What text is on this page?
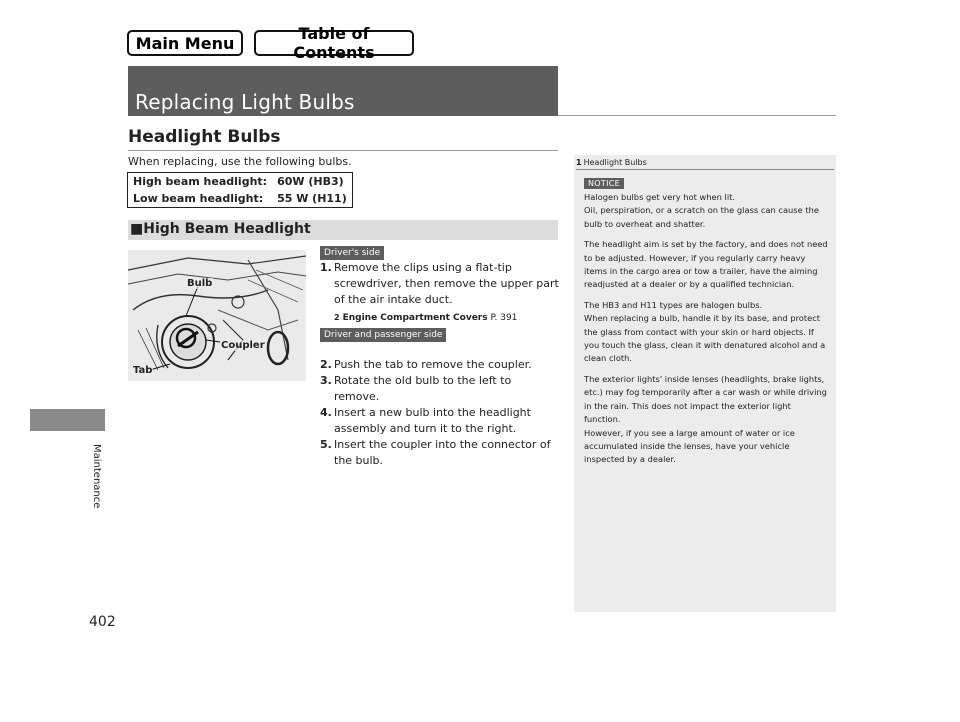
Main Menu	Table of Contents
Replacing Light Bulbs
Maintenance
402
Headlight Bulbs
When replacing, use the following bulbs.
High beam headlight:	60W (HB3)
Low beam headlight:	55 W (H11)
■High Beam Headlight
Bulb
Coupler
Tab
Driver's side
1. Remove the clips using a flat-tip screwdriver, then remove the upper part of the air intake duct.
2 Engine Compartment Covers P. 391
2. Push the tab to remove the coupler.
3. Rotate the old bulb to the left to remove.
4. Insert a new bulb into the headlight assembly and turn it to the right.
5. Insert the coupler into the connector of the bulb.
Driver and passenger side
1 Headlight Bulbs
NOTICE

Halogen bulbs get very hot when lit.
Oil, perspiration, or a scratch on the glass can cause the bulb to overheat and shatter.

The headlight aim is set by the factory, and does not need to be adjusted. However, if you regularly carry heavy items in the cargo area or tow a trailer, have the aiming readjusted at a dealer or by a qualified technician.

The HB3 and H11 types are halogen bulbs.
When replacing a bulb, handle it by its base, and protect the glass from contact with your skin or hard objects. If you touch the glass, clean it with denatured alcohol and a clean cloth.

The exterior lights' inside lenses (headlights, brake lights, etc.) may fog temporarily after a car wash or while driving in the rain. This does not impact the exterior light function.
However, if you see a large amount of water or ice accumulated inside the lenses, have your vehicle inspected by a dealer.
